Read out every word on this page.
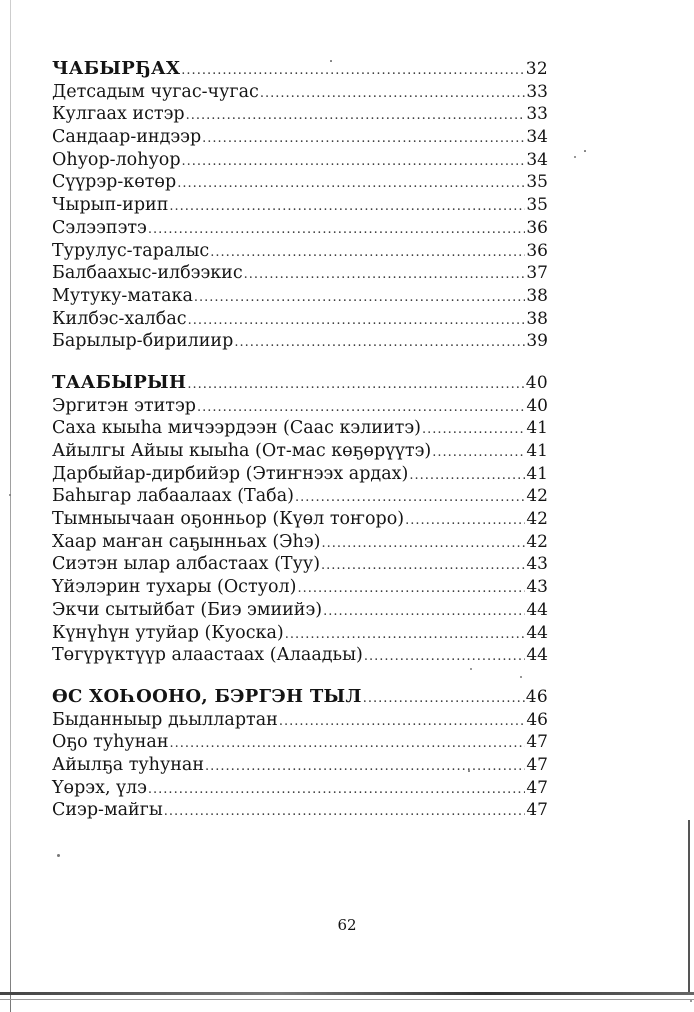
ЧАБЫРҔАХ .....	32
Детсадым чугас-чугас .....	33
Кулгаах истэр .....	33
Сандаар-индээр .....	34
Оһуор-лоһуор .....	34
Сүүрэр-көтөр .....	35
Чырып-ирип .....	35
Сэлээпэтэ .....	36
Турулус-таралыс .....	36
Балбаахыс-илбээкис .....	37
Мутуку-матака .....	38
Килбэс-халбас .....	38
Барылыр-бирилиир .....	39
ТААБЫРЫН .....	40
Эргитэн этитэр .....	40
Саха кыыһа мичээрдээн (Саас кэлиитэ) .....	41
Айылгы Айыы кыыһа (От-мас көҕөрүүтэ) .....	41
Дарбыйар-дирбийэр (Этиҥнээх ардах) .....	41
Баһыгар лабаалаах (Таба) .....	42
Тымныычаан оҕонньор (Күөл тоҥоро) .....	42
Хаар маҥан саҕынньах (Эһэ) .....	42
Сиэтэн ылар албастаах (Туу) .....	43
Үйэлэрин тухары (Остуол) .....	43
Экчи сытыйбат (Биэ эмиийэ) .....	44
Күнүһүн утуйар (Куоска) .....	44
Төгүрүктүүр алаастаах (Алаадьы) .....	44
ӨС ХОҺООНО, БЭРГЭН ТЫЛ .....	46
Быданныыр дьыллартан .....	46
Оҕо туһунан .....	47
Айылҕа туһунан .....	47
Үөрэх, үлэ .....	47
Сиэр-майгы .....	47
62
